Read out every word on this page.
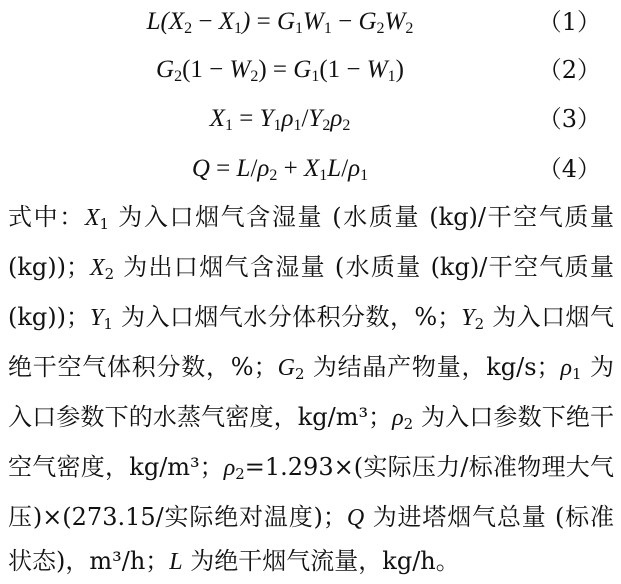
$L(X_2 - X_1) = G_1W_1 - G_2W_2$	（1）
$G_2(1 - W_2) = G_1(1 - W_1)$	（2）
$X_1 = Y_1\rho_1/Y_2\rho_2$	（3）
$Q = L/\rho_2 + X_1L/\rho_1$	（4）
式中：$X_1$ 为入口烟气含湿量 (水质量 (kg)/干空气质量 (kg))；$X_2$ 为出口烟气含湿量 (水质量 (kg)/干空气质量 (kg))；$Y_1$ 为入口烟气水分体积分数，%；$Y_2$ 为入口烟气绝干空气体积分数，%；$G_2$ 为结晶产物量，kg/s；$\rho_1$ 为入口参数下的水蒸气密度，kg/m³；$\rho_2$ 为入口参数下绝干空气密度，kg/m³；$\rho_2=1.293\times$(实际压力/标准物理大气压)×(273.15/实际绝对温度)；Q 为进塔烟气总量 (标准状态)，m³/h；L 为绝干烟气流量，kg/h。
